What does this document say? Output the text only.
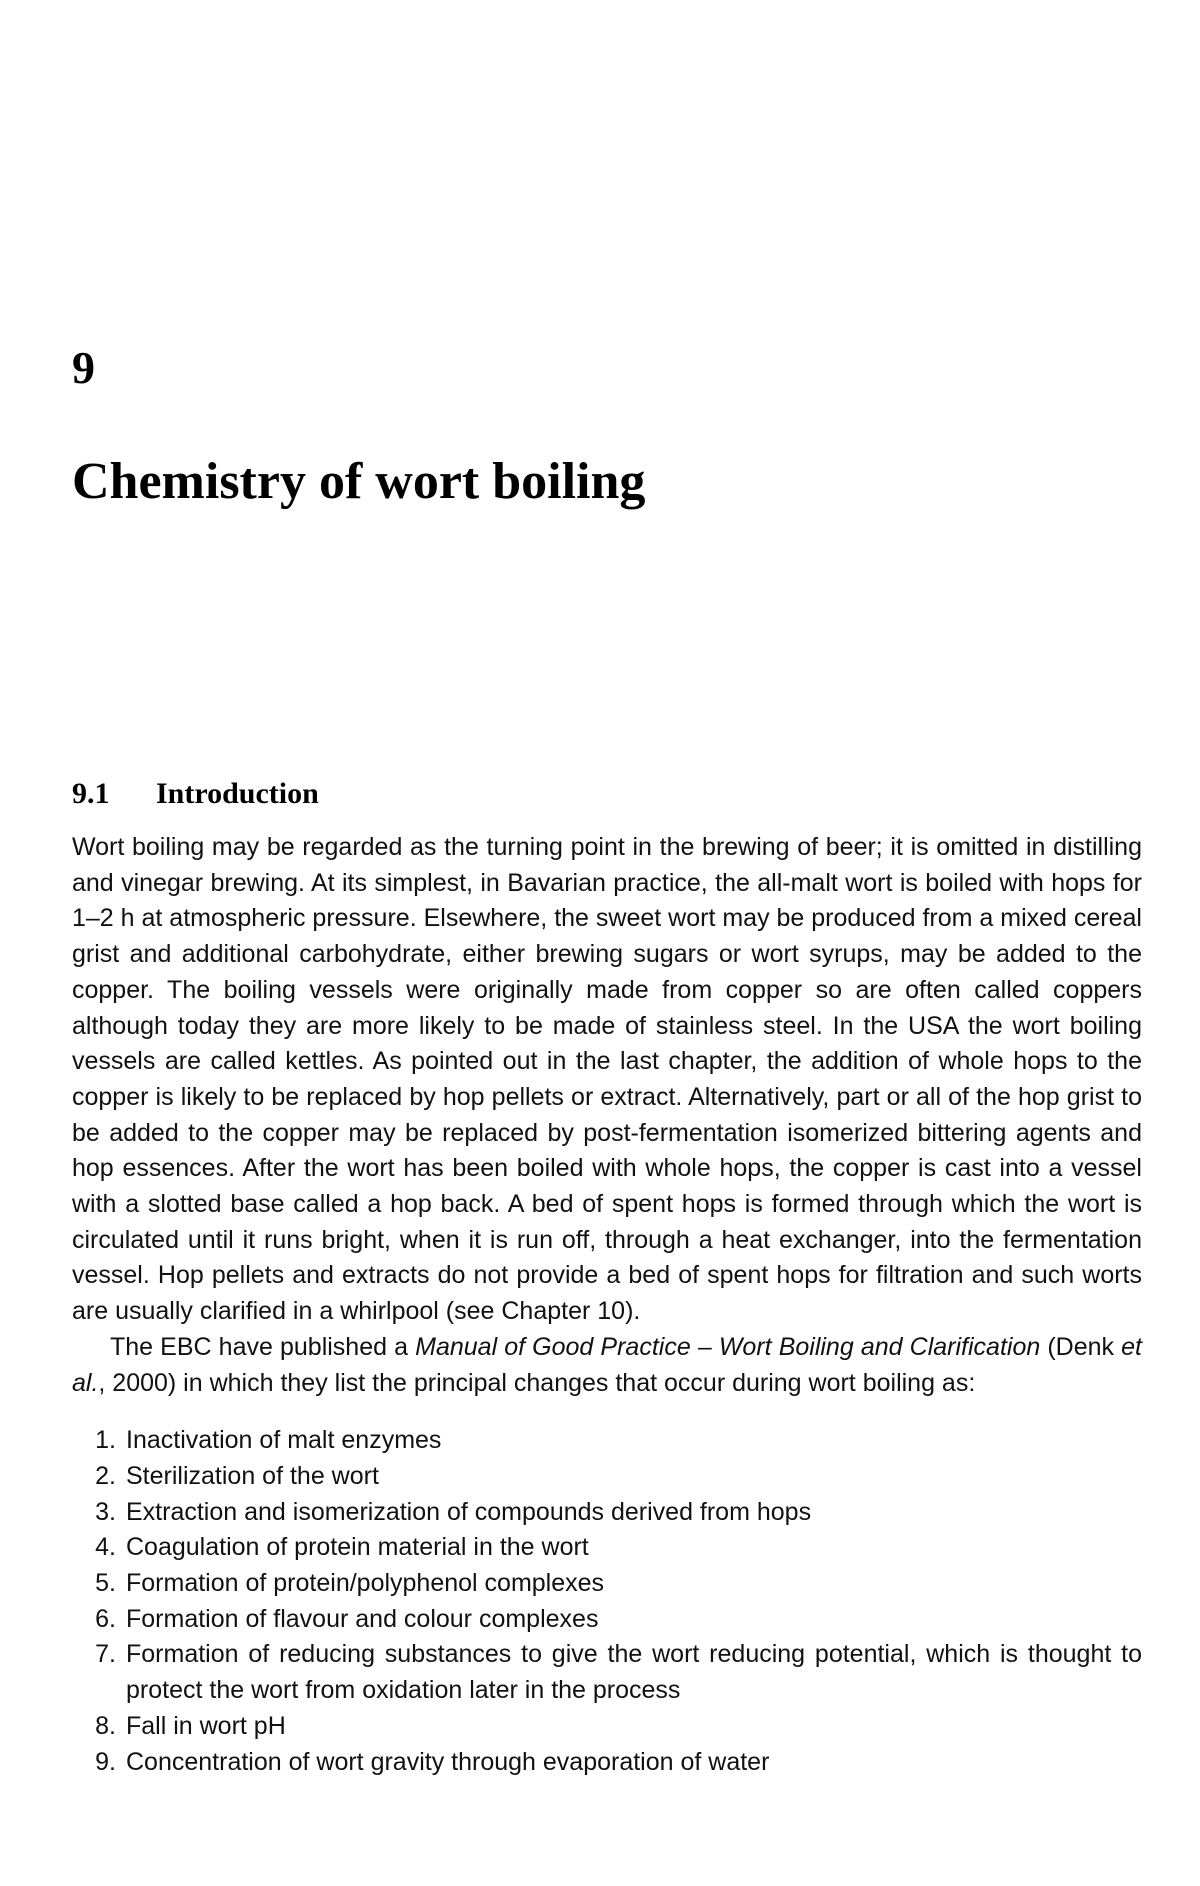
9
Chemistry of wort boiling
9.1 Introduction

Wort boiling may be regarded as the turning point in the brewing of beer; it is omitted in distilling and vinegar brewing. At its simplest, in Bavarian practice, the all-malt wort is boiled with hops for 1–2 h at atmospheric pressure. Elsewhere, the sweet wort may be produced from a mixed cereal grist and additional carbohydrate, either brewing sugars or wort syrups, may be added to the copper. The boiling vessels were originally made from copper so are often called coppers although today they are more likely to be made of stainless steel. In the USA the wort boiling vessels are called kettles. As pointed out in the last chapter, the addition of whole hops to the copper is likely to be replaced by hop pellets or extract. Alternatively, part or all of the hop grist to be added to the copper may be replaced by post-fermentation isomerized bittering agents and hop essences. After the wort has been boiled with whole hops, the copper is cast into a vessel with a slotted base called a hop back. A bed of spent hops is formed through which the wort is circulated until it runs bright, when it is run off, through a heat exchanger, into the fermentation vessel. Hop pellets and extracts do not provide a bed of spent hops for filtration and such worts are usually clarified in a whirlpool (see Chapter 10).

The EBC have published a Manual of Good Practice – Wort Boiling and Clarification (Denk et al., 2000) in which they list the principal changes that occur during wort boiling as:

1. Inactivation of malt enzymes
2. Sterilization of the wort
3. Extraction and isomerization of compounds derived from hops
4. Coagulation of protein material in the wort
5. Formation of protein/polyphenol complexes
6. Formation of flavour and colour complexes
7. Formation of reducing substances to give the wort reducing potential, which is thought to protect the wort from oxidation later in the process
8. Fall in wort pH
9. Concentration of wort gravity through evaporation of water
